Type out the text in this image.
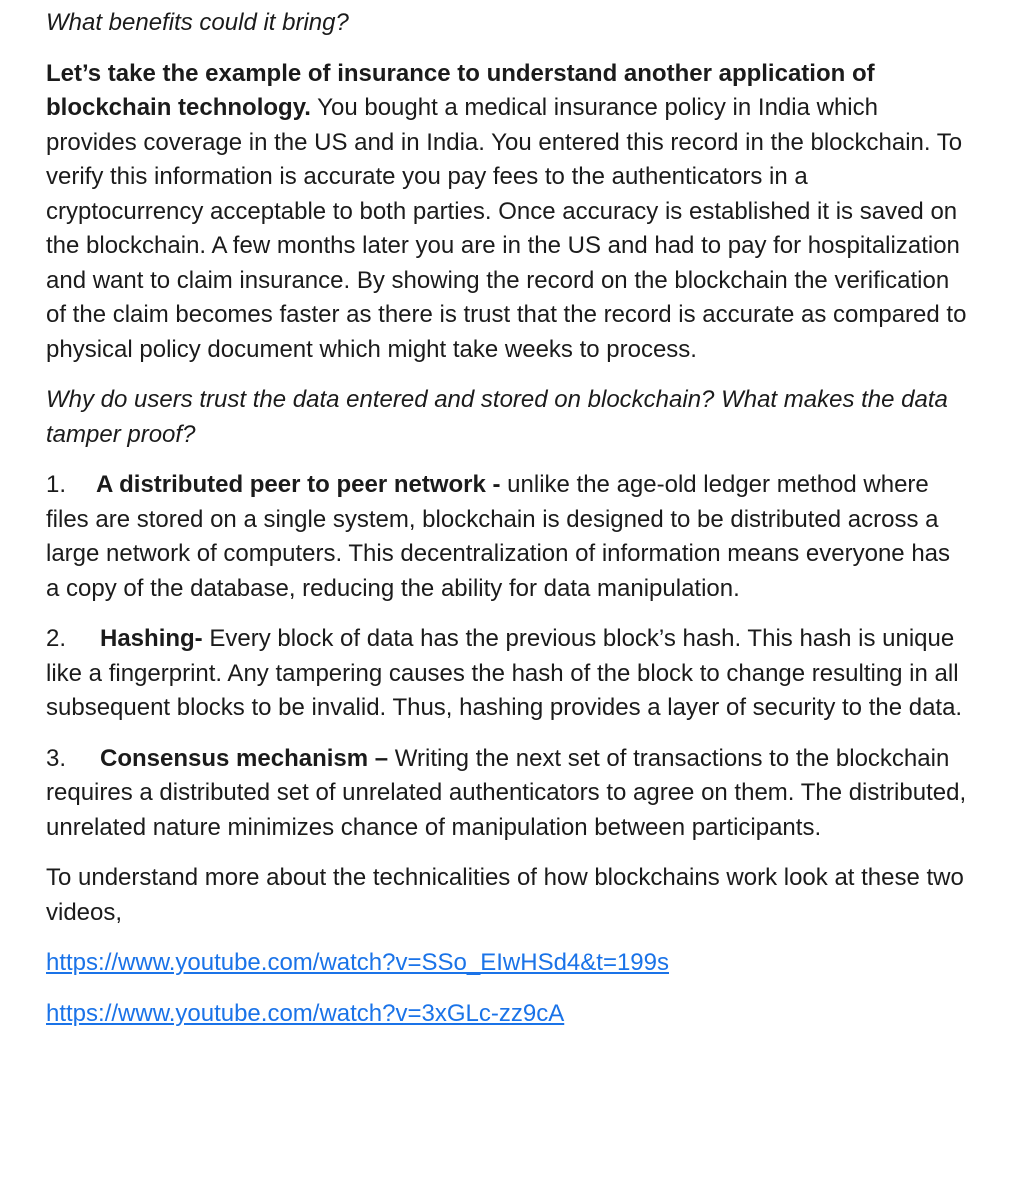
What benefits could it bring?

Let’s take the example of insurance to understand another application of blockchain technology. You bought a medical insurance policy in India which provides coverage in the US and in India. You entered this record in the blockchain. To verify this information is accurate you pay fees to the authenticators in a cryptocurrency acceptable to both parties. Once accuracy is established it is saved on the blockchain. A few months later you are in the US and had to pay for hospitalization and want to claim insurance. By showing the record on the blockchain the verification of the claim becomes faster as there is trust that the record is accurate as compared to physical policy document which might take weeks to process.

Why do users trust the data entered and stored on blockchain? What makes the data tamper proof?

1. A distributed peer to peer network - unlike the age-old ledger method where files are stored on a single system, blockchain is designed to be distributed across a large network of computers. This decentralization of information means everyone has a copy of the database, reducing the ability for data manipulation.

2. Hashing- Every block of data has the previous block’s hash. This hash is unique like a fingerprint. Any tampering causes the hash of the block to change resulting in all subsequent blocks to be invalid. Thus, hashing provides a layer of security to the data.

3. Consensus mechanism – Writing the next set of transactions to the blockchain requires a distributed set of unrelated authenticators to agree on them. The distributed, unrelated nature minimizes chance of manipulation between participants.

To understand more about the technicalities of how blockchains work look at these two videos,

https://www.youtube.com/watch?v=SSo_EIwHSd4&t=199s

https://www.youtube.com/watch?v=3xGLc-zz9cA
